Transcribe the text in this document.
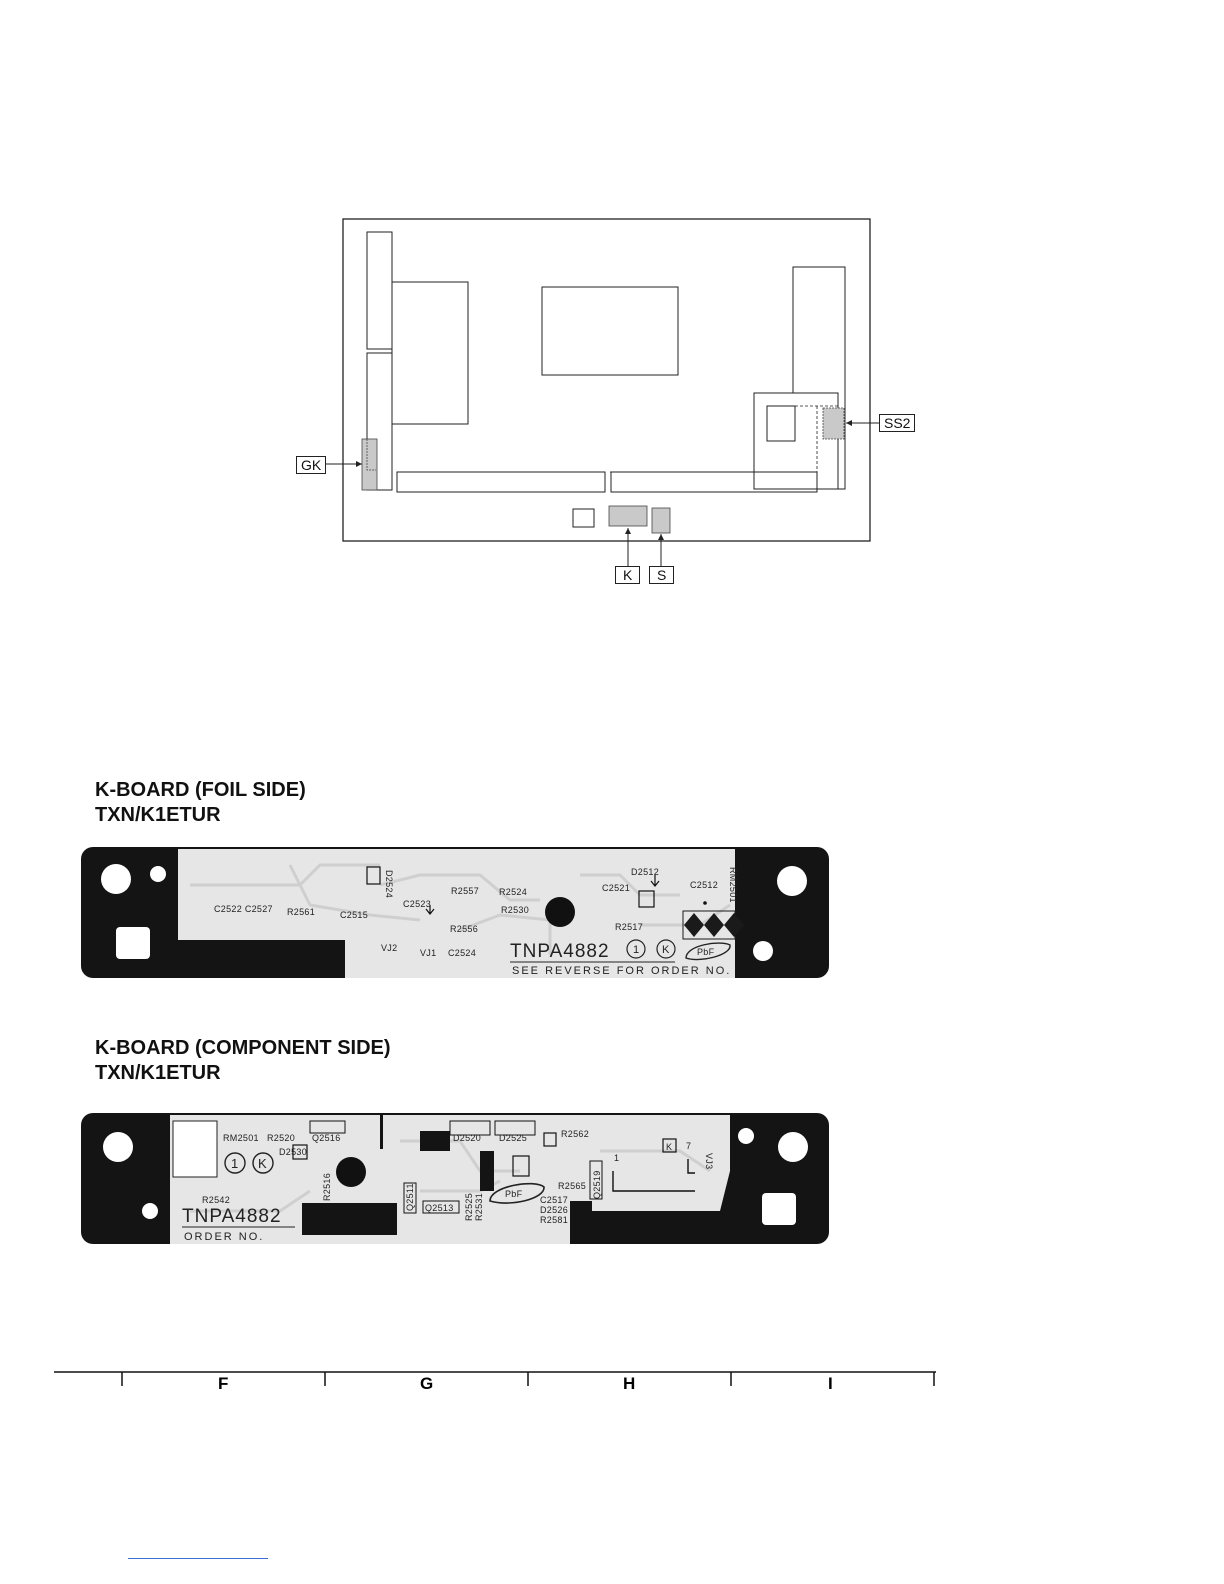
GK
SS2
K	S
K-BOARD (FOIL SIDE)
TXN/K1ETUR
TNPA4882 1 K	PbF
SEE REVERSE FOR ORDER NO.
C2522 C2527 R2561	C2515
D2524
C2523
R2557 R2524
R2530
R2556
VJ2	VJ1 C2524
D2512
C2521
R2517
C2512 RM2501
K-BOARD (COMPONENT SIDE)
TXN/K1ETUR
1 K
PbF
TNPA4882
ORDER NO.
RM2501 R2520 Q2516
D2530
R2516
R2542
D2520 D2525	R2562
Q2511 Q2513 R2525 R2531	C2517
D2526
R2581
R2565 Q2519
K
1
7
VJ3
F	G	H	I
